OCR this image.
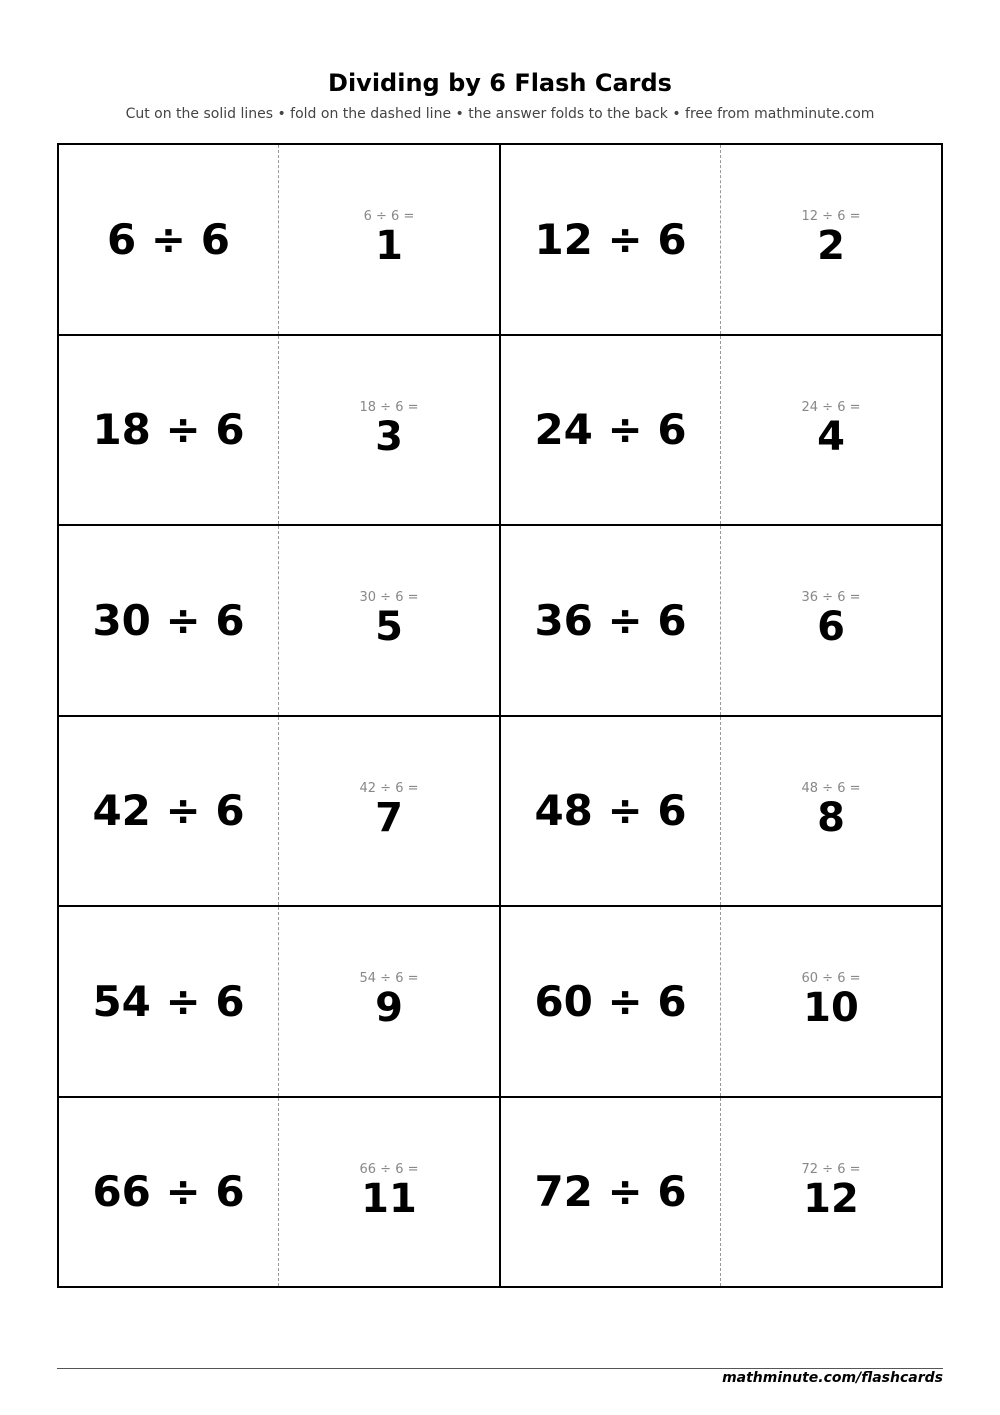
Dividing by 6 Flash Cards
Cut on the solid lines • fold on the dashed line • the answer folds to the back • free from mathminute.com
6 ÷ 6	6 ÷ 6 =
1	12 ÷ 6	12 ÷ 6 =
2
18 ÷ 6	18 ÷ 6 =
3	24 ÷ 6	24 ÷ 6 =
4
30 ÷ 6	30 ÷ 6 =
5	36 ÷ 6	36 ÷ 6 =
6
42 ÷ 6	42 ÷ 6 =
7	48 ÷ 6	48 ÷ 6 =
8
54 ÷ 6	54 ÷ 6 =
9	60 ÷ 6	60 ÷ 6 =
10
66 ÷ 6	66 ÷ 6 =
11	72 ÷ 6	72 ÷ 6 =
12
mathminute.com/flashcards
